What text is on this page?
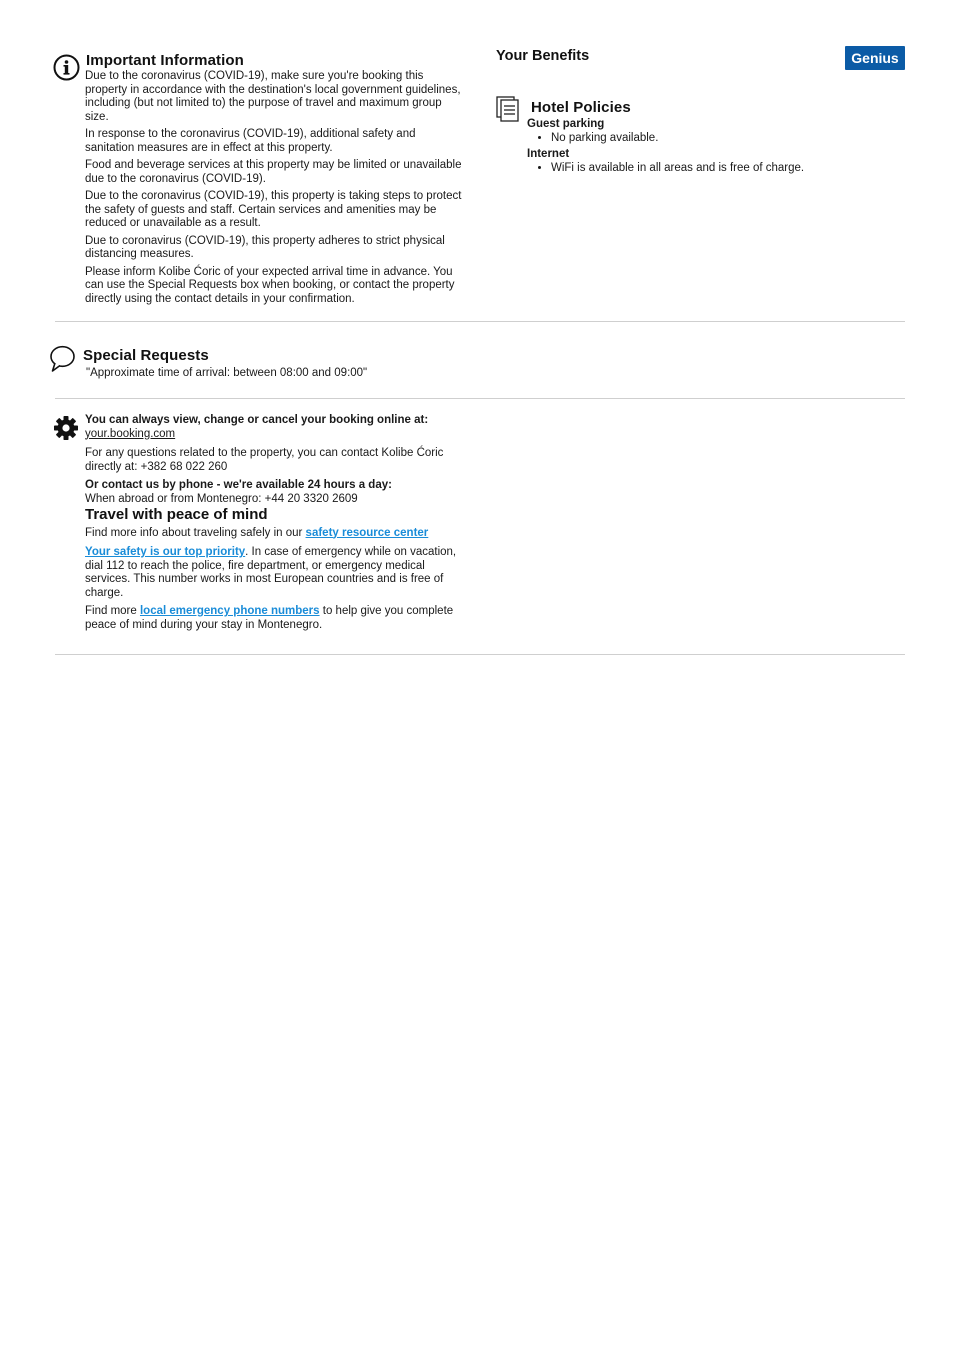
Important Information

Due to the coronavirus (COVID-19), make sure you're booking this property in accordance with the destination's local government guidelines, including (but not limited to) the purpose of travel and maximum group size.

In response to the coronavirus (COVID-19), additional safety and sanitation measures are in effect at this property.

Food and beverage services at this property may be limited or unavailable due to the coronavirus (COVID-19).

Due to the coronavirus (COVID-19), this property is taking steps to protect the safety of guests and staff. Certain services and amenities may be reduced or unavailable as a result.

Due to coronavirus (COVID-19), this property adheres to strict physical distancing measures.

Please inform Kolibe Ćoric of your expected arrival time in advance. You can use the Special Requests box when booking, or contact the property directly using the contact details in your confirmation.

Your Benefits	Genius
Hotel Policies

Guest parking

• No parking available.

Internet

• WiFi is available in all areas and is free of charge.
Special Requests
"Approximate time of arrival: between 08:00 and 09:00"

You can always view, change or cancel your booking online at:

your.booking.com

For any questions related to the property, you can contact Kolibe Ćoric directly at: +382 68 022 260

Or contact us by phone - we're available 24 hours a day:

When abroad or from Montenegro: +44 20 3320 2609

Travel with peace of mind

Find more info about traveling safely in our safety resource center

Your safety is our top priority. In case of emergency while on vacation, dial 112 to reach the police, fire department, or emergency medical services. This number works in most European countries and is free of charge.

Find more local emergency phone numbers to help give you complete peace of mind during your stay in Montenegro.
